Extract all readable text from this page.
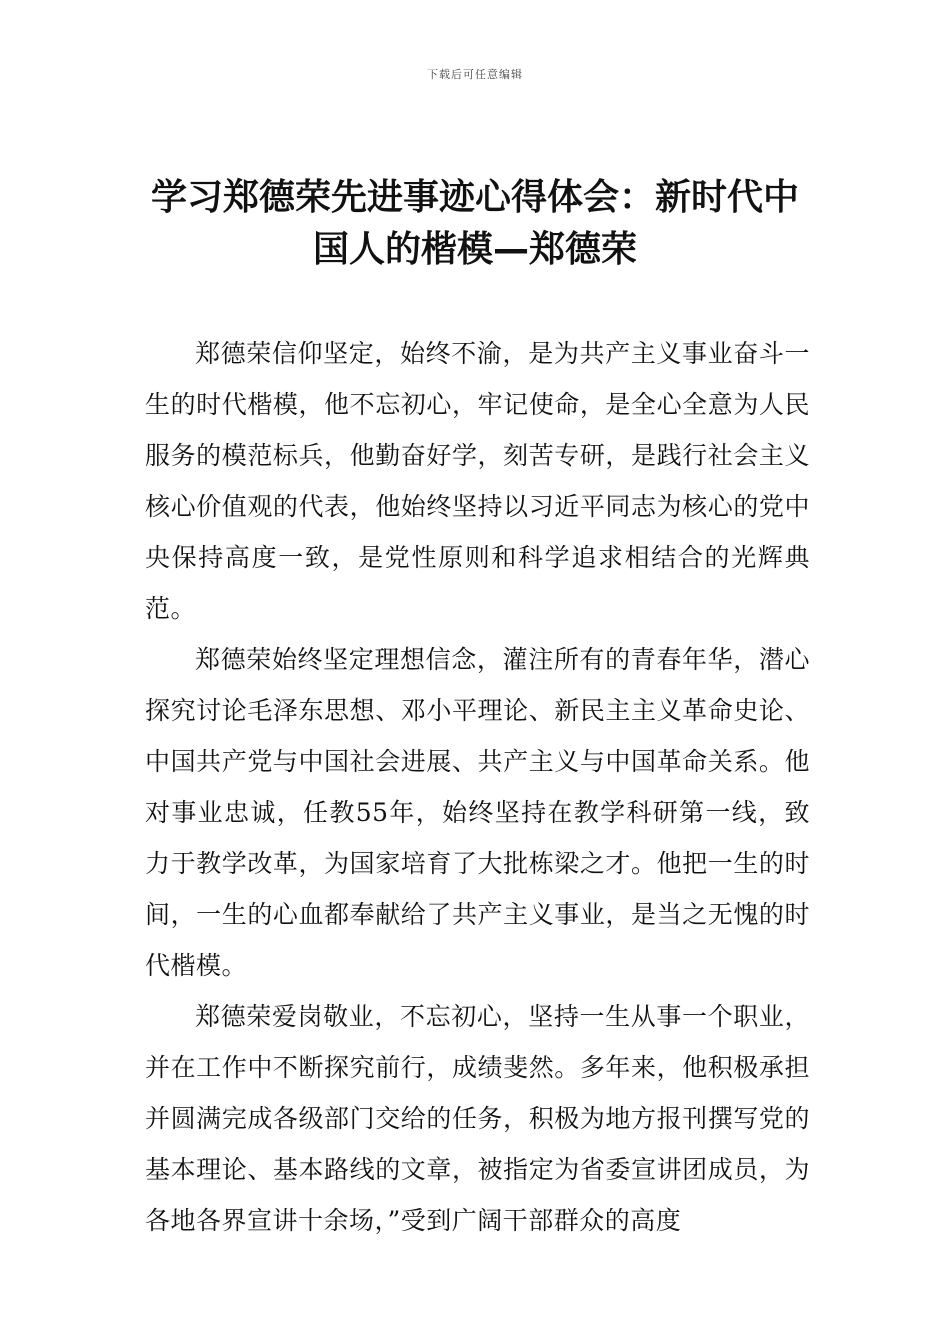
下载后可任意编辑
学习郑德荣先进事迹心得体会：新时代中
国人的楷模—郑德荣

郑德荣信仰坚定，始终不渝，是为共产主义事业奋斗一生的时代楷模，他不忘初心，牢记使命，是全心全意为人民服务的模范标兵，他勤奋好学，刻苦专研，是践行社会主义核心价值观的代表，他始终坚持以习近平同志为核心的党中央保持高度一致，是党性原则和科学追求相结合的光辉典范。

郑德荣始终坚定理想信念，灌注所有的青春年华，潜心探究讨论毛泽东思想、邓小平理论、新民主主义革命史论、中国共产党与中国社会进展、共产主义与中国革命关系。他对事业忠诚，任教55年，始终坚持在教学科研第一线，致力于教学改革，为国家培育了大批栋梁之才。他把一生的时间，一生的心血都奉献给了共产主义事业，是当之无愧的时代楷模。

郑德荣爱岗敬业，不忘初心，坚持一生从事一个职业，并在工作中不断探究前行，成绩斐然。多年来，他积极承担并圆满完成各级部门交给的任务，积极为地方报刊撰写党的基本理论、基本路线的文章，被指定为省委宣讲团成员，为各地各界宣讲十余场，”受到广阔干部群众的高度
